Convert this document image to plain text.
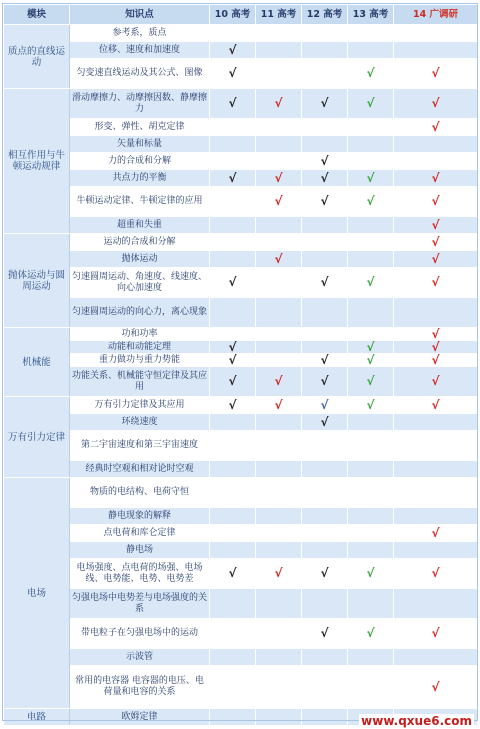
模块	知识点	10 高考	11 高考	12 高考	13 高考	14 广调研
质点的直线运动	参考系，质点					
	位移、速度和加速度	√				
	匀变速直线运动及其公式、图像	√			√	√
相互作用与牛顿运动规律	滑动摩擦力、动摩擦因数、静摩擦力	√	√	√	√	√
	形变、弹性、胡克定律					√
	矢量和标量					
	力的合成和分解			√		
	共点力的平衡	√	√	√	√	√
	牛顿运动定律、牛顿定律的应用		√	√	√	√
	超重和失重					√
抛体运动与圆周运动	运动的合成和分解					√
	抛体运动		√			√
	匀速圆周运动、角速度、线速度、向心加速度	√		√	√	√
	匀速圆周运动的向心力，离心现象					
机械能	功和功率					√
	动能和动能定理	√			√	√
	重力做功与重力势能	√		√	√	√
	功能关系、机械能守恒定律及其应用	√	√	√	√	√
万有引力定律	万有引力定律及其应用	√	√	√	√	√
	环绕速度			√		
	第二宇宙速度和第三宇宙速度					
	经典时空观和相对论时空观					
电场	物质的电结构、电荷守恒					
	静电现象的解释					
	点电荷和库仑定律					√
	静电场					
	电场强度、点电荷的场强、电场线、电势能、电势、电势差	√	√	√	√	√
	匀强电场中电势差与电场强度的关系					
	带电粒子在匀强电场中的运动			√	√	√
	示波管					
	常用的电容器 电容器的电压、电荷量和电容的关系					√
电路	欧姆定律						www.qxue6.com
